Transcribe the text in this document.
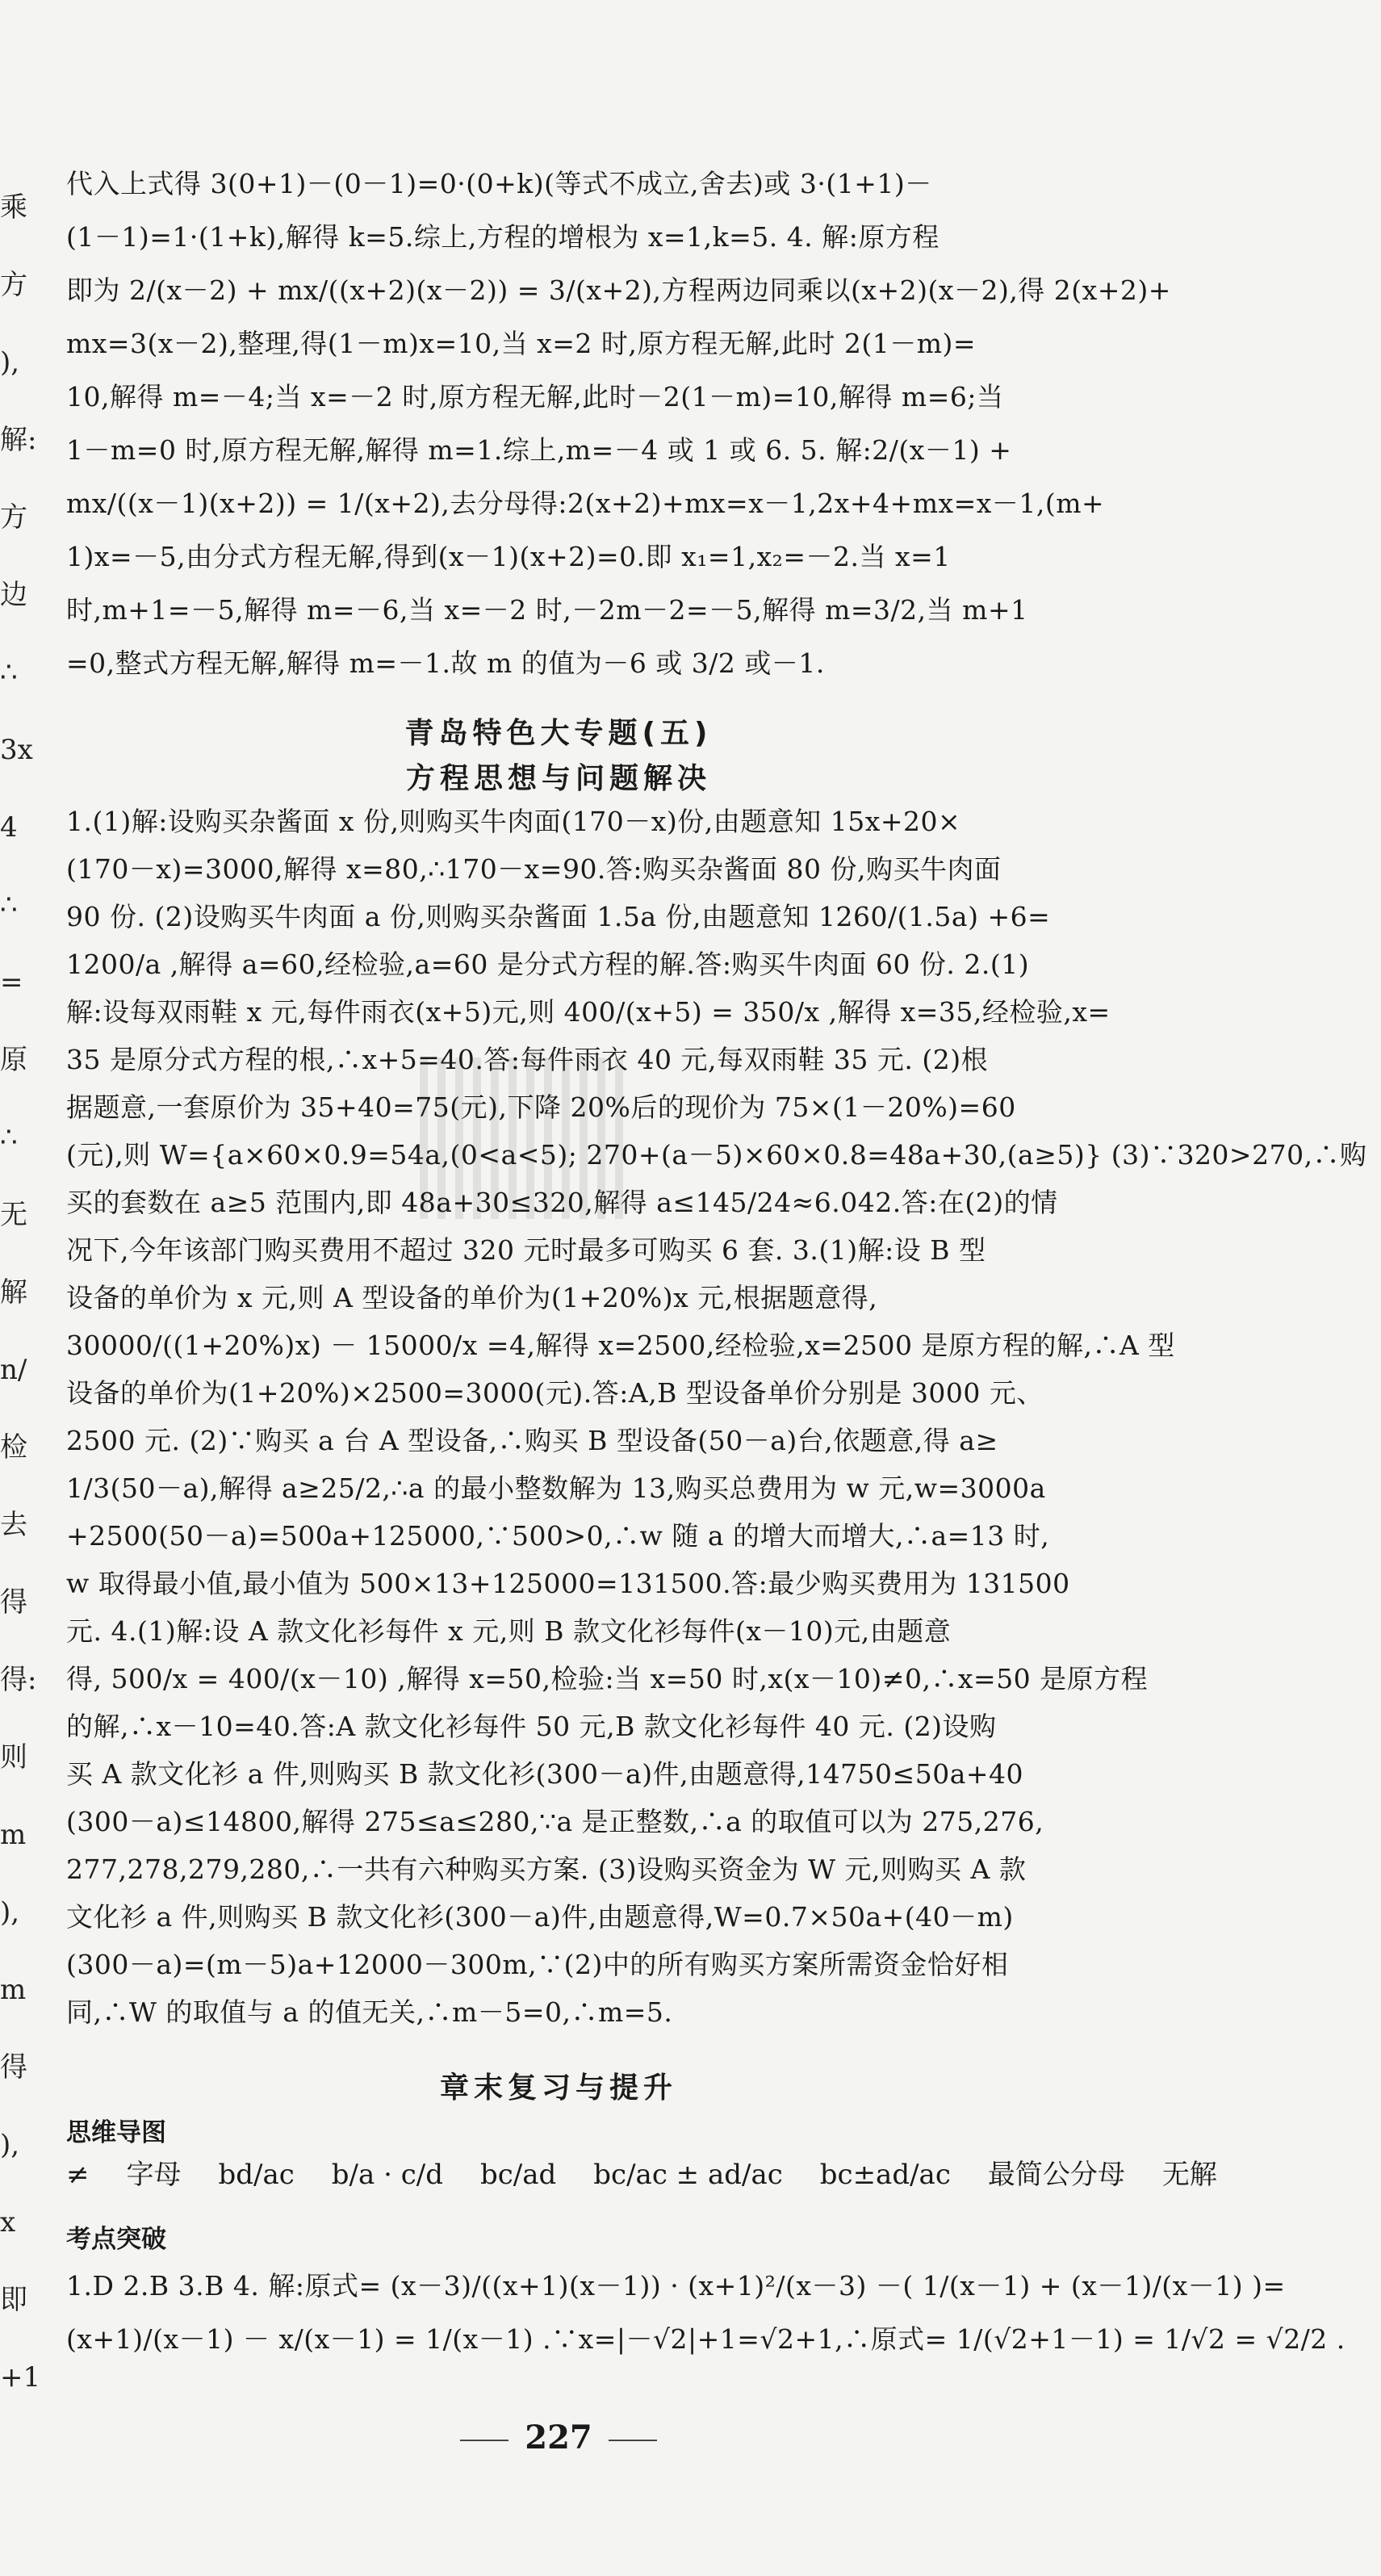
乘
方
),
解:
方
边
∴
3x
4
∴
=
原
∴
无
解
n/
检
去
得
得:
则
m
),
m
得
),
x
即
+1
代入上式得 3(0+1)－(0－1)=0·(0+k)(等式不成立,舍去)或 3·(1+1)－
(1－1)=1·(1+k),解得 k=5.综上,方程的增根为 x=1,k=5. 4. 解:原方程
即为 2/(x－2) + mx/((x+2)(x－2)) = 3/(x+2),方程两边同乘以(x+2)(x－2),得 2(x+2)+
mx=3(x－2),整理,得(1－m)x=10,当 x=2 时,原方程无解,此时 2(1－m)=
10,解得 m=－4;当 x=－2 时,原方程无解,此时－2(1－m)=10,解得 m=6;当
1－m=0 时,原方程无解,解得 m=1.综上,m=－4 或 1 或 6. 5. 解:2/(x－1) +
mx/((x－1)(x+2)) = 1/(x+2),去分母得:2(x+2)+mx=x－1,2x+4+mx=x－1,(m+
1)x=－5,由分式方程无解,得到(x－1)(x+2)=0.即 x₁=1,x₂=－2.当 x=1
时,m+1=－5,解得 m=－6,当 x=－2 时,－2m－2=－5,解得 m=3/2,当 m+1
=0,整式方程无解,解得 m=－1.故 m 的值为－6 或 3/2 或－1.
青岛特色大专题(五)
方程思想与问题解决
1.(1)解:设购买杂酱面 x 份,则购买牛肉面(170－x)份,由题意知 15x+20×
(170－x)=3000,解得 x=80,∴170－x=90.答:购买杂酱面 80 份,购买牛肉面
90 份. (2)设购买牛肉面 a 份,则购买杂酱面 1.5a 份,由题意知 1260/(1.5a) +6=
1200/a ,解得 a=60,经检验,a=60 是分式方程的解.答:购买牛肉面 60 份. 2.(1)
解:设每双雨鞋 x 元,每件雨衣(x+5)元,则 400/(x+5) = 350/x ,解得 x=35,经检验,x=
35 是原分式方程的根,∴x+5=40.答:每件雨衣 40 元,每双雨鞋 35 元. (2)根
据题意,一套原价为 35+40=75(元),下降 20%后的现价为 75×(1－20%)=60
(元),则 W={a×60×0.9=54a,(0<a<5); 270+(a－5)×60×0.8=48a+30,(a≥5)} (3)∵320>270,∴购
买的套数在 a≥5 范围内,即 48a+30≤320,解得 a≤145/24≈6.042.答:在(2)的情
况下,今年该部门购买费用不超过 320 元时最多可购买 6 套. 3.(1)解:设 B 型
设备的单价为 x 元,则 A 型设备的单价为(1+20%)x 元,根据题意得,
30000/((1+20%)x) － 15000/x =4,解得 x=2500,经检验,x=2500 是原方程的解,∴A 型
设备的单价为(1+20%)×2500=3000(元).答:A,B 型设备单价分别是 3000 元、
2500 元. (2)∵购买 a 台 A 型设备,∴购买 B 型设备(50－a)台,依题意,得 a≥
1/3(50－a),解得 a≥25/2,∴a 的最小整数解为 13,购买总费用为 w 元,w=3000a
+2500(50－a)=500a+125000,∵500>0,∴w 随 a 的增大而增大,∴a=13 时,
w 取得最小值,最小值为 500×13+125000=131500.答:最少购买费用为 131500
元. 4.(1)解:设 A 款文化衫每件 x 元,则 B 款文化衫每件(x－10)元,由题意
得, 500/x = 400/(x－10) ,解得 x=50,检验:当 x=50 时,x(x－10)≠0,∴x=50 是原方程
的解,∴x－10=40.答:A 款文化衫每件 50 元,B 款文化衫每件 40 元. (2)设购
买 A 款文化衫 a 件,则购买 B 款文化衫(300－a)件,由题意得,14750≤50a+40
(300－a)≤14800,解得 275≤a≤280,∵a 是正整数,∴a 的取值可以为 275,276,
277,278,279,280,∴一共有六种购买方案. (3)设购买资金为 W 元,则购买 A 款
文化衫 a 件,则购买 B 款文化衫(300－a)件,由题意得,W=0.7×50a+(40－m)
(300－a)=(m－5)a+12000－300m,∵(2)中的所有购买方案所需资金恰好相
同,∴W 的取值与 a 的值无关,∴m－5=0,∴m=5.
章末复习与提升
思维导图
≠ 字母 bd/ac b/a · c/d bc/ad bc/ac ± ad/ac bc±ad/ac 最简公分母 无解
考点突破
1.D 2.B 3.B 4. 解:原式= (x－3)/((x+1)(x－1)) · (x+1)²/(x－3) －( 1/(x－1) + (x－1)/(x－1) )=
(x+1)/(x－1) － x/(x－1) = 1/(x－1) .∵x=|－√2|+1=√2+1,∴原式= 1/(√2+1－1) = 1/√2 = √2/2 .
227
